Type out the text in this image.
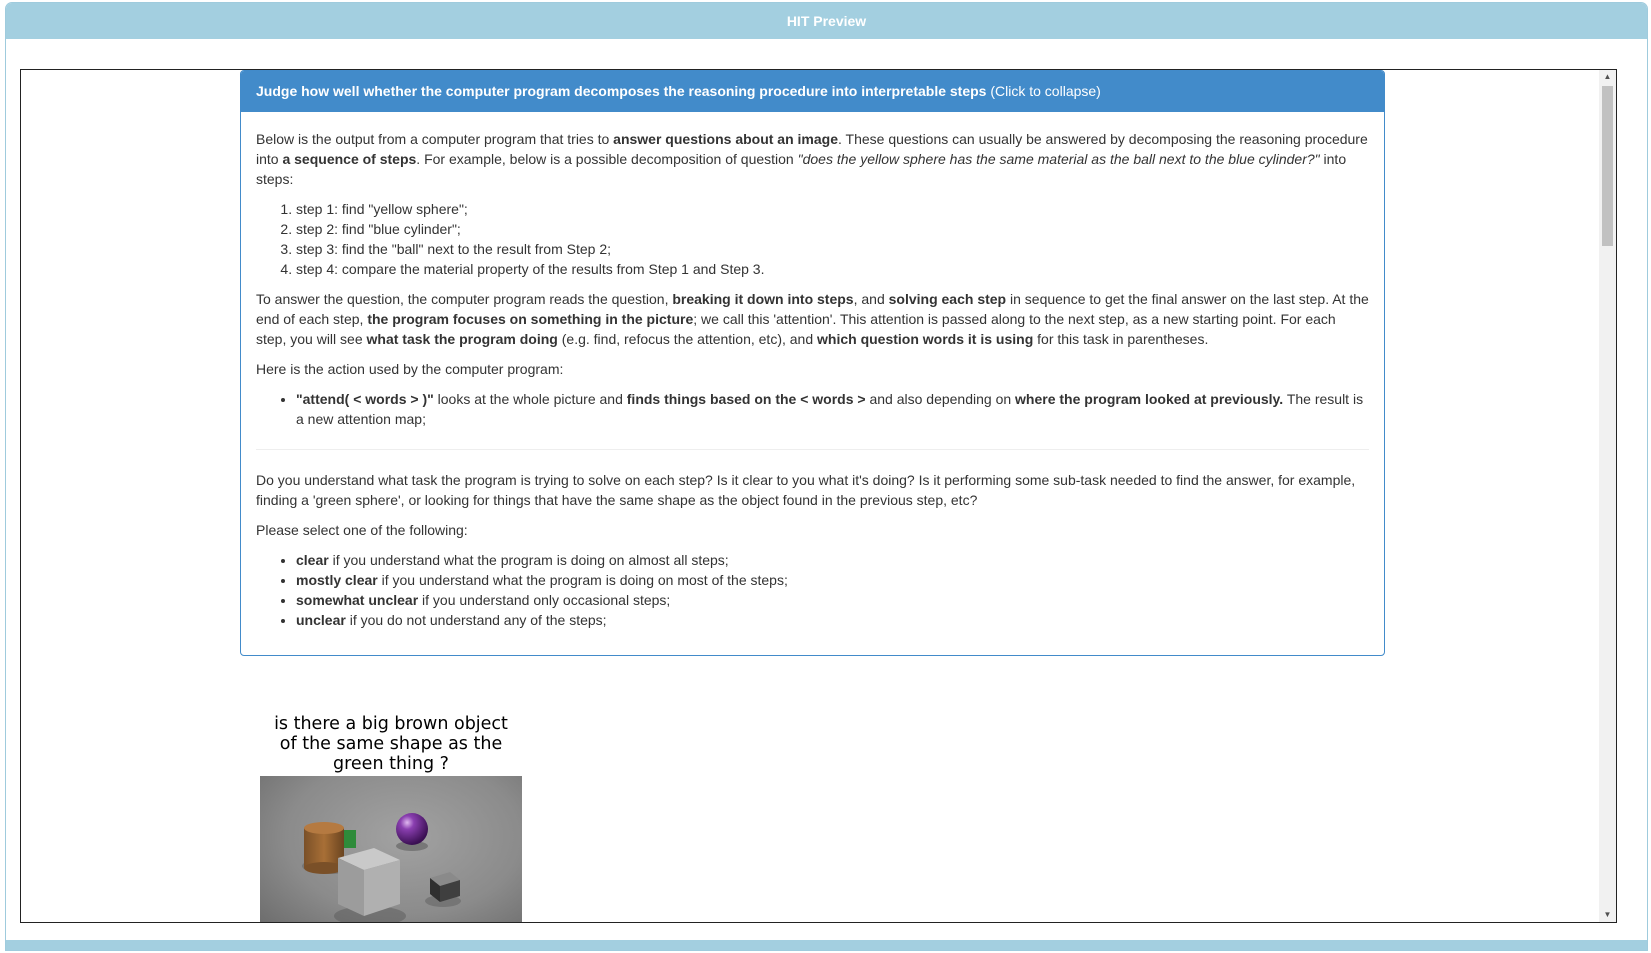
HIT Preview
Judge how well whether the computer program decomposes the reasoning procedure into interpretable steps (Click to collapse)

Below is the output from a computer program that tries to answer questions about an image. These questions can usually be answered by decomposing the reasoning procedure into a sequence of steps. For example, below is a possible decomposition of question "does the yellow sphere has the same material as the ball next to the blue cylinder?" into steps:

1. step 1: find "yellow sphere";
2. step 2: find "blue cylinder";
3. step 3: find the "ball" next to the result from Step 2;
4. step 4: compare the material property of the results from Step 1 and Step 3.

To answer the question, the computer program reads the question, breaking it down into steps, and solving each step in sequence to get the final answer on the last step. At the end of each step, the program focuses on something in the picture; we call this 'attention'. This attention is passed along to the next step, as a new starting point. For each step, you will see what task the program doing (e.g. find, refocus the attention, etc), and which question words it is using for this task in parentheses.

Here is the action used by the computer program:

• "attend( < words > )" looks at the whole picture and finds things based on the < words > and also depending on where the program looked at previously. The result is a new attention map;

Do you understand what task the program is trying to solve on each step? Is it clear to you what it's doing? Is it performing some sub-task needed to find the answer, for example, finding a 'green sphere', or looking for things that have the same shape as the object found in the previous step, etc?

Please select one of the following:

• clear if you understand what the program is doing on almost all steps;
• mostly clear if you understand what the program is doing on most of the steps;
• somewhat unclear if you understand only occasional steps;
• unclear if you do not understand any of the steps;

is there a big brown object of the same shape as the green thing ?

▲
▼
